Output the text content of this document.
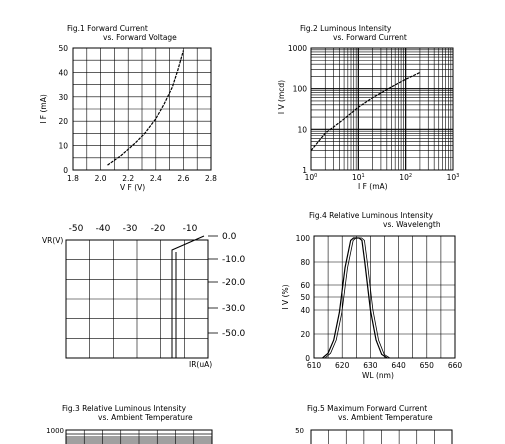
Fig.1 Forward Current
vs. Forward Voltage
1.8 2.0 2.2 2.4 2.6 2.8
0
10
20
30
40
50
V F (V)
I F (mA)
Fig.2 Luminous Intensity
vs. Forward Current
$10^0$	$10^1$	$10^2$	$10^3$
1
10
100
1000
I F (mA)
I V (mcd)
-50 -40 -30 -20 -10
0.0
-10.0
-20.0
-30.0
-50.0
VR(V)
IR(uA)
Fig.4 Relative Luminous Intensity
vs. Wavelength
610 620 630 640 650 660
0
20
40
50
60
80
100
WL (nm)
I V (%)
Fig.3 Relative Luminous Intensity
vs. Ambient Temperature
1000
Fig.5 Maximum Forward Current
vs. Ambient Temperature
50
